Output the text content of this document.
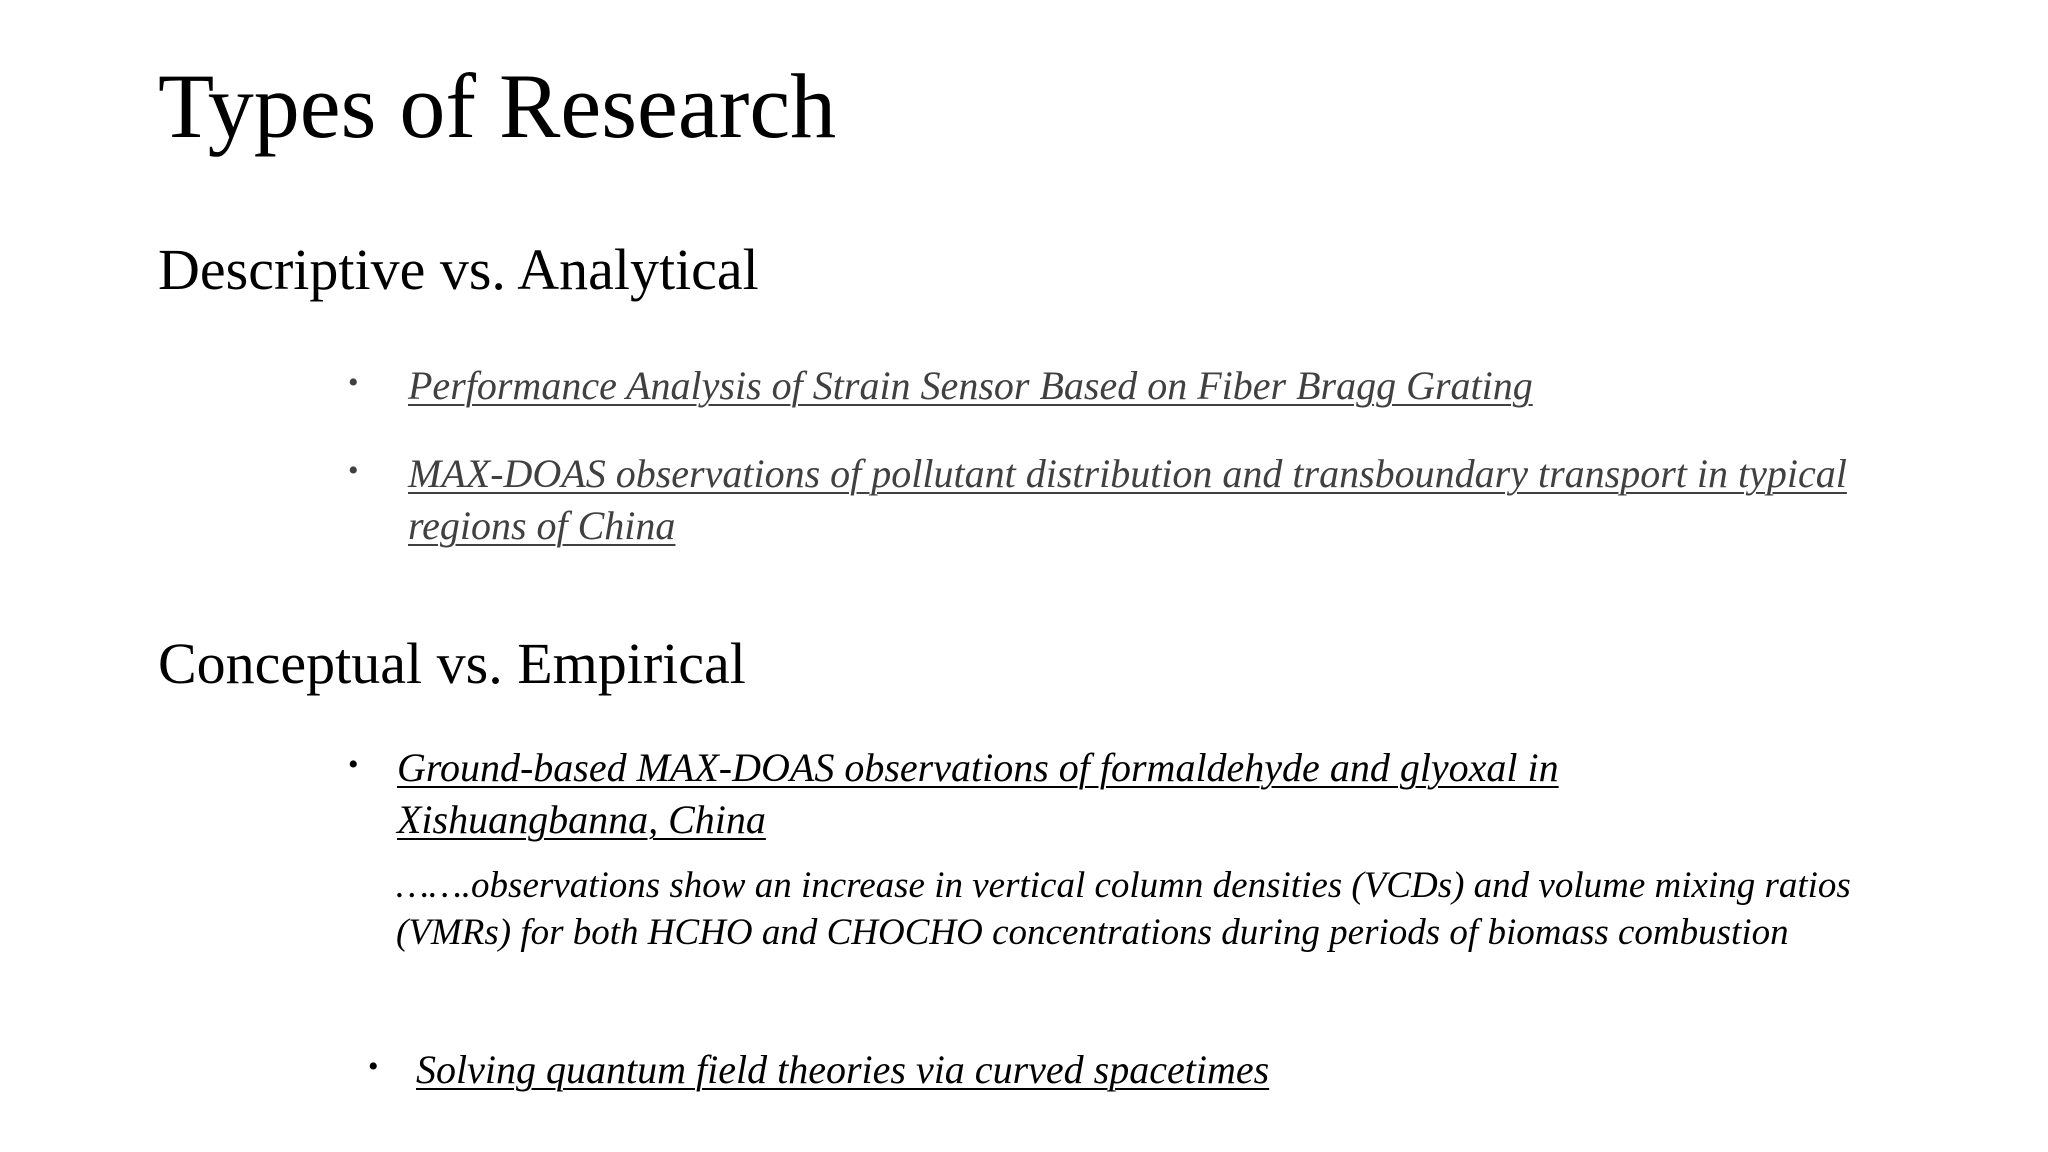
Types of Research
Descriptive vs. Analytical
• Performance Analysis of Strain Sensor Based on Fiber Bragg Grating
• MAX-DOAS observations of pollutant distribution and transboundary transport in typical regions of China
Conceptual vs. Empirical
• Ground-based MAX-DOAS observations of formaldehyde and glyoxal in Xishuangbanna, China
…….observations show an increase in vertical column densities (VCDs) and volume mixing ratios (VMRs) for both HCHO and CHOCHO concentrations during periods of biomass combustion
• Solving quantum field theories via curved spacetimes
